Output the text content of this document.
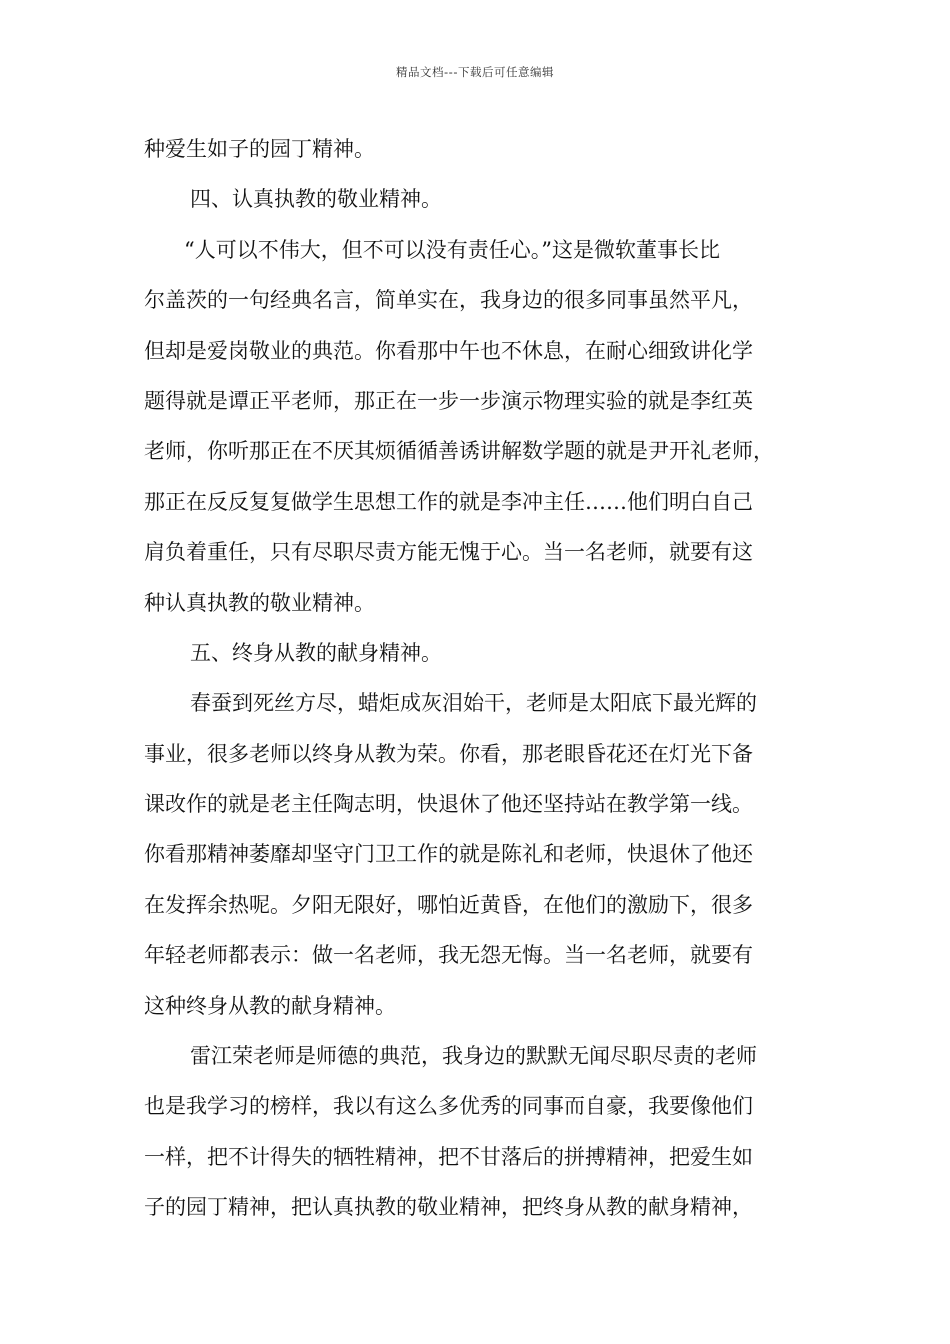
精品文档---下载后可任意编辑
种爱生如子的园丁精神。
四、认真执教的敬业精神。
“人可以不伟大，但不可以没有责任心。”这是微软董事长比
尔盖茨的一句经典名言，简单实在，我身边的很多同事虽然平凡，
但却是爱岗敬业的典范。你看那中午也不休息，在耐心细致讲化学
题得就是谭正平老师，那正在一步一步演示物理实验的就是李红英
老师，你听那正在不厌其烦循循善诱讲解数学题的就是尹开礼老师，
那正在反反复复做学生思想工作的就是李冲主任……他们明白自己
肩负着重任，只有尽职尽责方能无愧于心。当一名老师，就要有这
种认真执教的敬业精神。
五、终身从教的献身精神。
春蚕到死丝方尽，蜡炬成灰泪始干，老师是太阳底下最光辉的
事业，很多老师以终身从教为荣。你看，那老眼昏花还在灯光下备
课改作的就是老主任陶志明，快退休了他还坚持站在教学第一线。
你看那精神萎靡却坚守门卫工作的就是陈礼和老师，快退休了他还
在发挥余热呢。夕阳无限好，哪怕近黄昏，在他们的激励下，很多
年轻老师都表示：做一名老师，我无怨无悔。当一名老师，就要有
这种终身从教的献身精神。
雷江荣老师是师德的典范，我身边的默默无闻尽职尽责的老师
也是我学习的榜样，我以有这么多优秀的同事而自豪，我要像他们
一样，把不计得失的牺牲精神，把不甘落后的拼搏精神，把爱生如
子的园丁精神，把认真执教的敬业精神，把终身从教的献身精神，
